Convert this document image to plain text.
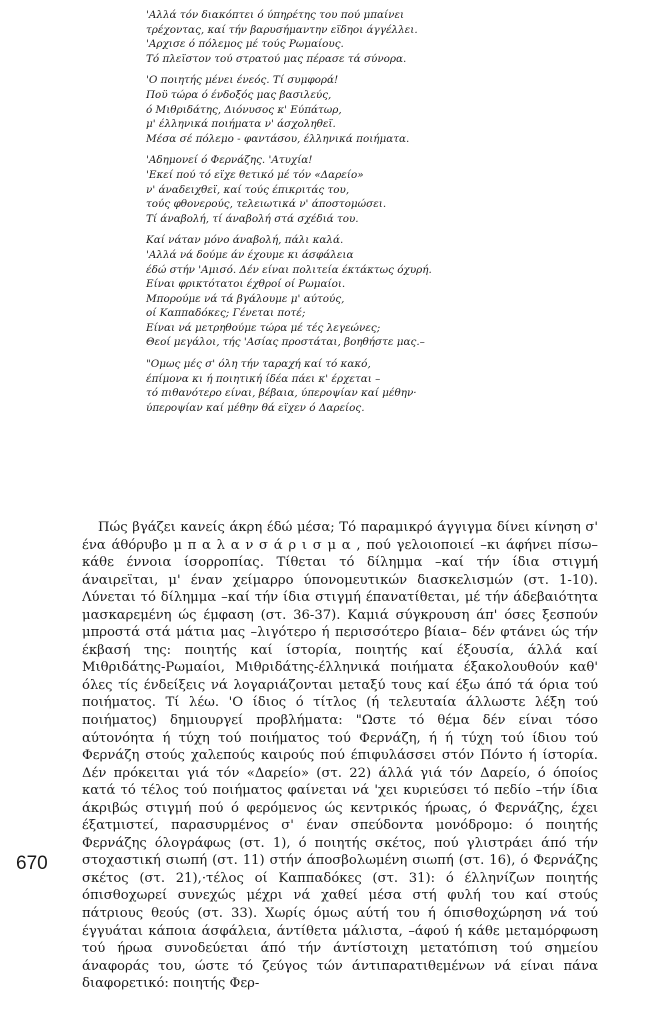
'Αλλά τόν διακόπτει ό ύπηρέτης του πού μπαίνει
τρέχοντας, καί τήν βαρυσήμαντην εϊδηοι άγγέλλει.
'Αρχισε ό πόλεμος μέ τούς Ρωμαίους.
Τό πλεϊστον τού στρατού μας πέρασε τά σύνορα.
'Ο ποιητής μένει ένεός. Τί συμφορά!
Ποϋ τώρα ό ένδοξός μας βασιλεύς,
ό Μιθριδάτης, Διόνυσος κ' Εύπάτωρ,
μ' έλληνικά ποιήματα ν' άσχοληθεϊ.
Μέσα σέ πόλεμο - φαντάσου, έλληνικά ποιήματα.
'Αδημονεί ό Φερνάζης. 'Ατυχία!
'Εκεί πού τό εϊχε θετικό μέ τόν «Δαρείο»
ν' άναδειχθεϊ, καί τούς έπικριτάς του,
τούς φθονερούς, τελειωτικά ν' άποστομώσει.
Τί άναβολή, τί άναβολή στά σχέδιά του.
Καί νάταν μόνο άναβολή, πάλι καλά.
'Αλλά νά δούμε άν έχουμε κι άσφάλεια
έδώ στήν 'Αμισό. Δέν είναι πολιτεία έκτάκτως όχυρή.
Είναι φρικτότατοι έχθροί οί Ρωμαίοι.
Μπορούμε νά τά βγάλουμε μ' αύτούς,
οί Καππαδόκες; Γένεται ποτέ;
Είναι νά μετρηθούμε τώρα μέ τές λεγεώνες;
Θεοί μεγάλοι, τής 'Ασίας προστάται, βοηθήστε μας.–
"Ομως μές σ' όλη τήν ταραχή καί τό κακό,
έπίμονα κι ή ποιητική ίδέα πάει κ' έρχεται –
τό πιθανότερο είναι, βέβαια, ύπεροψίαν καί μέθην·
ύπεροψίαν καί μέθην θά εϊχεν ό Δαρείος.

Πώς βγάζει κανείς άκρη έδώ μέσα; Τό παραμικρό άγγιγμα δίνει κίνηση σ' ένα άθόρυβο μ π α λ α ν σ ά ρ ι σ μ α , πού γελοιοποιεί –κι άφήνει πίσω– κάθε έννοια ίσορροπίας. Τίθεται τό δίλημμα –καί τήν ίδια στιγμή άναιρεϊται, μ' έναν χείμαρρο ύπονομευτικών διασκελισμών (στ. 1-10). Λύνεται τό δίλημμα –καί τήν ίδια στιγμή έπανατίθεται, μέ τήν άδεβαιότητα μασκαρεμένη ώς έμφαση (στ. 36-37). Καμιά σύγκρουση άπ' όσες ξεσπούν μπροστά στά μάτια μας –λιγότερο ή περισσότερο βίαια– δέν φτάνει ώς τήν έκβασή της: ποιητής καί ίστορία, ποιητής καί έξουσία, άλλά καί Μιθριδάτης-Ρωμαίοι, Μιθριδάτης-έλληνικά ποιήματα έξακολουθούν καθ' όλες τίς ένδείξεις νά λογαριάζονται μεταξύ τους καί έξω άπό τά όρια τού ποιήματος. Τί λέω. 'Ο ίδιος ό τίτλος (ή τελευταία άλλωστε λέξη τού ποιήματος) δημιουργεί προβλήματα: "Ωστε τό θέμα δέν είναι τόσο αύτονόητα ή τύχη τού ποιήματος τού Φερνάζη, ή ή τύχη τού ίδιου τού Φερνάζη στούς χαλεπούς καιρούς πού έπιφυλάσσει στόν Πόντο ή ίστορία. Δέν πρόκειται γιά τόν «Δαρείο» (στ. 22) άλλά γιά τόν Δαρείο, ό όποίος κατά τό τέλος τού ποιήματος φαίνεται νά 'χει κυριεύσει τό πεδίο –τήν ίδια άκριβώς στιγμή πού ό φερόμενος ώς κεντρικός ήρωας, ό Φερνάζης, έχει έξατμιστεί, παρασυρμένος σ' έναν σπεύδοντα μονόδρομο: ό ποιητής Φερνάζης όλογράφως (στ. 1), ό ποιητής σκέτος, πού γλιστράει άπό τήν στοχαστική σιωπή (στ. 11) στήν άποσβολωμένη σιωπή (στ. 16), ό Φερνάζης σκέτος (στ. 21),·τέλος οί Καππαδόκες (στ. 31): ό έλληνίζων ποιητής όπισθοχωρεί συνεχώς μέχρι νά χαθεί μέσα στή φυλή του καί στούς πάτριους θεούς (στ. 33). Χωρίς όμως αύτή του ή όπισθοχώρηση νά τού έγγυάται κάποια άσφάλεια, άντίθετα μάλιστα, –άφού ή κάθε μεταμόρφωση τού ήρωα συνοδεύεται άπό τήν άντίστοιχη μετατόπιση τού σημείου άναφοράς του, ώστε τό ζεύγος τών άντιπαρατιθεμένων νά είναι πάνα διαφορετικό: ποιητής Φερ-

670
